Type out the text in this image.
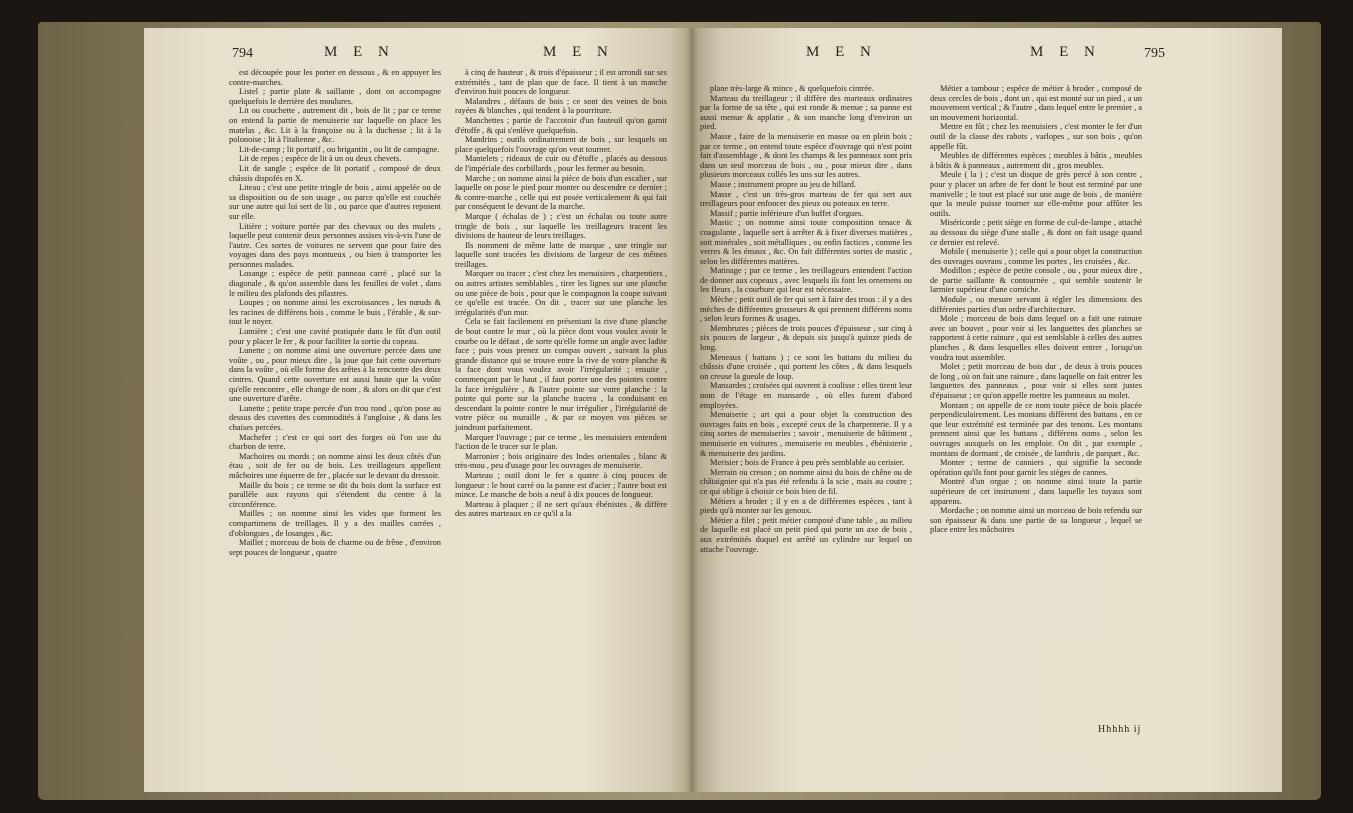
794	M E N	M E N	M E N	M E N	795

est découpée pour les porter en dessous , & en appuyer les contre-marches.

Listel ; partie plate & saillante , dont on accompagne quelquefois le derrière des moulures.

Lit ou couchette , autrement dit , bois de lit ; par ce terme on entend la partie de menuiserie sur laquelle on place les matelas , &c. Lit à la françoise ou à la duchesse ; lit à la polonoise ; lit à l'italienne , &c.

Lit-de-camp ; lit portatif , ou brigantin , ou lit de campagne.

Lit de repos ; espèce de lit à un ou deux chevets.

Lit de sangle ; espèce de lit portatif , composé de deux châssis dispofés en X.

Liteau ; c'est une petite tringle de bois , ainsi appelée ou de sa disposition ou de son usage , ou parce qu'elle est couchée sur une autre qui lui sert de lit , ou parce que d'autres reposent sur elle.

Litière ; voiture portée par des chevaux ou des mulets , laquelle peut contenir deux personnes assises vis-à-vis l'une de l'autre. Ces sortes de voitures ne servent que pour faire des voyages dans des pays montueux , ou bien à transporter les personnes malades.

Losange ; espèce de petit panneau carré , placé sur la diagonale , & qu'on assemble dans les feuilles de volet , dans le milieu des plafonds des pilastres.

Loupes ; on nomme ainsi les excroissances , les nœuds & les racines de différens bois , comme le buis , l'érable , & sur-tout le noyer.

Lumière ; c'est une cavité pratiquée dans le fût d'un outil pour y placer le fer , & pour faciliter la sortie du copeau.

Lunette ; on nomme ainsi une ouverture percée dans une voûte , ou , pour mieux dire , la joue que fait cette ouverture dans la voûte , où elle forme des arêtes à la rencontre des deux cintres. Quand cette ouverture est aussi haute que la voûte qu'elle rencontre , elle change de nom , & alors on dit que c'est une ouverture d'arête.

Lunette ; petite trape percée d'un trou rond , qu'on pose au dessus des cuvettes des commodités à l'angloise , & dans les chaises percées.

Machefer ; c'est ce qui sort des forges où l'on use du charbon de terre.

Machoires ou mords ; on nomme ainsi les deux côtés d'un étau , soit de fer ou de bois. Les treillageurs appellent mâchoires une équerre de fer , placée sur le devant du dressoir.

Maille du bois ; ce terme se dit du bois dont la surface est parallèle aux rayons qui s'étendent du centre à la circonférence.

Mailles ; on nomme ainsi les vides que forment les compartimens de treillages. Il y a des mailles carrées , d'oblongues , de losanges , &c.

Maillet ; morceau de bois de charme ou de frêne , d'environ sept pouces de longueur , quatre

à cinq de hauteur , & trois d'épaisseur ; il est arrondi sur ses extrémités , tant de plan que de face. Il tient à un manche d'environ huit pouces de longueur.

Malandres , défauts de bois ; ce sont des veines de bois rayées & blanches , qui tendent à la pourriture.

Manchettes ; partie de l'accotoir d'un fauteuil qu'on garnit d'étoffe , & qui s'enlève quelquefois.

Mandrins ; outils ordinairement de bois , sur lesquels on place quelquefois l'ouvrage qu'on veut tourner.

Mantelets ; rideaux de cuir ou d'étoffe , placés au dessous de l'impériale des corbillards , pour les fermer au besoin.

Marche ; on nomme ainsi la pièce de bois d'un escalier , sur laquelle on pose le pied pour monter ou descendre ce dernier ; & contre-marche , celle qui est posée verticalement & qui fait par conséquent le devant de la marche.

Marque ( échalas de ) ; c'est un échalas ou toute autre tringle de bois , sur laquelle les treillageurs tracent les divisions de hauteur de leurs treillages.

Ils nomment de même latte de marque , une tringle sur laquelle sont tracées les divisions de largeur de ces mêmes treillages.

Marquer ou tracer ; c'est chez les menuisiers , charpentiers , ou autres artistes semblables , tirer les lignes sur une planche ou une pièce de bois , pour que le compagnon la coupe suivant ce qu'elle est tracée. On dit , tracer sur une planche les irrégularités d'un mur.

Cela se fait facilement en présentant la rive d'une planche de bout contre le mur , où la pièce dont vous voulez avoir le courbe ou le défaut , de sorte qu'elle forme un angle avec ladite face ; puis vous prenez un compas ouvert , suivant la plus grande distance qui se trouve entre la rive de votre planche & la face dont vous voulez avoir l'irrégularité ; ensuite , commençant par le haut , il faut porter une des pointes contre la face irrégulière , & l'autre pointe sur votre planche : la pointe qui porte sur la planche tracera , la conduisant en descendant la pointe contre le mur irrégulier , l'irrégularité de votre pièce ou muraille , & par ce moyen vos pièces se joindront parfaitement.

Marquer l'ouvrage ; par ce terme , les menuisiers entendent l'action de le tracer sur le plan.

Marronier ; bois originaire des Indes orientales , blanc & très-mou , peu d'usage pour les ouvrages de menuiserie.

Marteau ; outil dont le fer a quatre à cinq pouces de longueur : le bout carré ou la panne est d'acier ; l'autre bout est mince. Le manche de bois a neuf à dix pouces de longueur.

Marteau à plaquer ; il ne sert qu'aux ébénistes , & diffère des autres marteaux en ce qu'il a la

plane très-large & mince , & quelquefois cintrée.

Marteau du treillageur ; il diffère des marteaux ordinaires par la forme de sa tête , qui est ronde & menue ; sa panne est aussi menue & applatie , & son manche long d'environ un pied.

Masse , faire de la menuiserie en masse ou en plein bois ; par ce terme , on entend toute espèce d'ouvrage qui n'est point fait d'assemblage , & dont les champs & les panneaux sont pris dans un seul morceau de bois , ou , pour mieux dire , dans plusieurs morceaux collés les uns sur les autres.

Masse ; instrument propre au jeu de billard.

Masse , c'est un très-gros marteau de fer qui sert aux treillageurs pour enfoncer des pieux ou poteaux en terre.

Massif ; partie inférieure d'un buffet d'orgues.

Mastic ; on nomme ainsi toute composition tenace & coagulante , laquelle sert à arrêter & à fixer diverses matières , soit minérales , soit métalliques , ou enfin factices , comme les verres & les émaux , &c. On fait différentes sortes de mastic , selon les différentes matières.

Matinage ; par ce terme , les treillageurs entendent l'action de donner aux copeaux , avec lesquels ils font les ornemens ou les fleurs , la courbure qui leur est nécessaire.

Mèche ; petit outil de fer qui sert à faire des trous : il y a des mèches de différentes grosseurs & qui prennent différens noms , selon leurs formes & usages.

Membrures ; pièces de trois pouces d'épaisseur , sur cinq à six pouces de largeur , & depuis six jusqu'à quinze pieds de long.

Meneaux ( battans ) ; ce sont les battans du milieu du châssis d'une croisée , qui portent les côtes , & dans lesquels on creuse la gueule de loup.

Mansardes ; croisées qui ouvrent à coulisse : elles tirent leur nom de l'étage en mansarde , où elles furent d'abord employées.

Menuiserie ; art qui a pour objet la construction des ouvrages faits en bois , excepté ceux de la charpenterie. Il y a cinq sortes de menuiseries ; savoir , menuiserie de bâtiment , menuiserie en voitures , menuiserie en meubles , ébénisterie , & menuiserie des jardins.

Merisier ; bois de France à peu près semblable au cerisier.

Merrain ou creson ; on nomme ainsi du bois de chêne ou de châtaignier qui n'a pas été refendu à la scie , mais au coutre ; ce qui oblige à choisir ce bois bien de fil.

Métiers a broder ; il y en a de différentes espèces , tant à pieds qu'à monter sur les genoux.

Métier a filet ; petit métier composé d'une table , au milieu de laquelle est placé un petit pied qui porte un axe de bois , aux extrémités duquel est arrêté un cylindre sur lequel on attache l'ouvrage.

Métier a tambour ; espèce de métier à broder , composé de deux cercles de bois , dont un , qui est monté sur un pied , a un mouvement vertical ; & l'autre , dans lequel entre le premier , a un mouvement horizontal.

Mettre en fût ; chez les menuisiers , c'est monter le fer d'un outil de la classe des rabots , varlopes , sur son bois , qu'on appelle fût.

Meubles de différentes espèces ; meubles à bâtis , meubles à bâtis & à panneaux , autrement dit , gros meubles.

Meule ( la ) ; c'est un disque de grès percé à son centre , pour y placer un arbre de fer dont le bout est terminé par une manivelle ; le tout est placé sur une auge de bois , de manière que la meule puisse tourner sur elle-même pour affûter les outils.

Miséricorde ; petit siège en forme de cul-de-lampe , attaché au dessous du siège d'une stalle , & dont on fait usage quand ce dernier est relevé.

Mobile ( menuiserie ) ; celle qui a pour objet la construction des ouvrages ouvrans , comme les portes , les croisées , &c.

Modillon ; espèce de petite console , ou , pour mieux dire , de partie saillante & contournée , qui semble soutenir le larmier supérieur d'une corniche.

Module , ou mesure servant à régler les dimensions des différentes parties d'un ordre d'architecture.

Mole ; morceau de bois dans lequel on a fait une rainure avec un bouvet , pour voir si les languettes des planches se rapportent à cette rainure , qui est semblable à celles des autres planches , & dans lesquelles elles doivent entrer , lorsqu'on voudra tout assembler.

Molet ; petit morceau de bois dur , de deux à trois pouces de long , où on fait une rainure , dans laquelle on fait entrer les languettes des panneaux , pour voir si elles sont justes d'épaisseur ; ce qu'on appelle mettre les panneaux au molet.

Montant ; on appelle de ce nom toute pièce de bois placée perpendiculairement. Les montans diffèrent des battans , en ce que leur extrémité est terminée par des tenons. Les montans prennent ainsi que les battans , différens noms , selon les ouvrages auxquels on les emploie. On dit , par exemple , montans de dormant , de croisée , de lambris , de parquet , &c.

Monter ; terme de canniers , qui signifie la seconde opération qu'ils font pour garnir les sièges de cannes.

Montré d'un orgue ; on nomme ainsi toute la partie supérieure de cet instrument , dans laquelle les tuyaux sont apparens.

Mordache ; on nomme ainsi un morceau de bois refendu sur son épaisseur & dans une partie de sa longueur , lequel se place entre les mâchoires

Hhhhh ij
